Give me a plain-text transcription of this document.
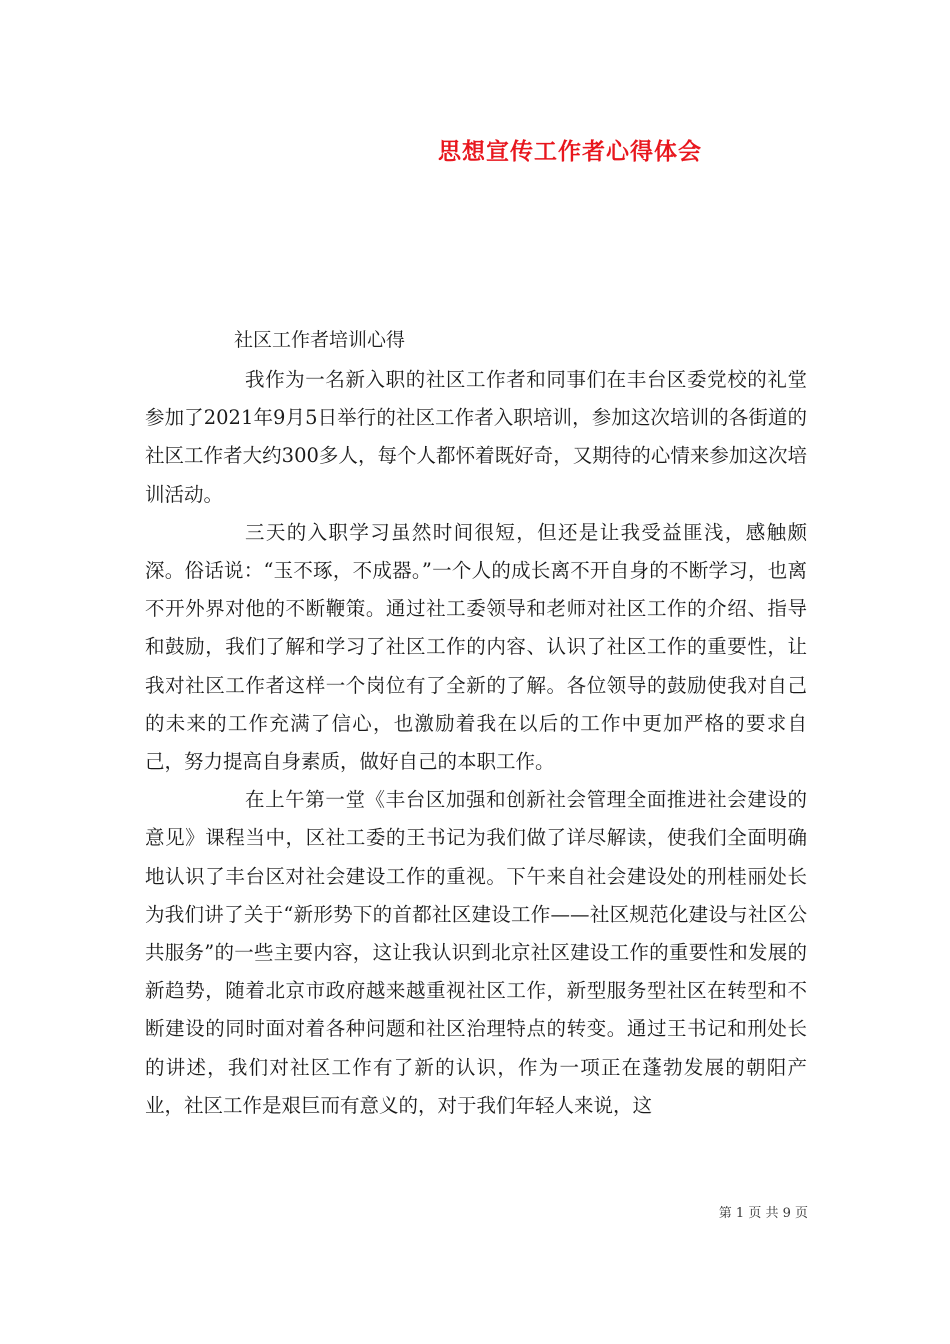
思想宣传工作者心得体会
社区工作者培训心得

我作为一名新入职的社区工作者和同事们在丰台区委党校的礼堂参加了2021年9月5日举行的社区工作者入职培训，参加这次培训的各街道的社区工作者大约300多人，每个人都怀着既好奇，又期待的心情来参加这次培训活动。

三天的入职学习虽然时间很短，但还是让我受益匪浅，感触颇深。俗话说：“玉不琢，不成器。”一个人的成长离不开自身的不断学习，也离不开外界对他的不断鞭策。通过社工委领导和老师对社区工作的介绍、指导和鼓励，我们了解和学习了社区工作的内容、认识了社区工作的重要性，让我对社区工作者这样一个岗位有了全新的了解。各位领导的鼓励使我对自己的未来的工作充满了信心，也激励着我在以后的工作中更加严格的要求自己，努力提高自身素质，做好自己的本职工作。

在上午第一堂《丰台区加强和创新社会管理全面推进社会建设的意见》课程当中，区社工委的王书记为我们做了详尽解读，使我们全面明确地认识了丰台区对社会建设工作的重视。下午来自社会建设处的刑桂丽处长为我们讲了关于“新形势下的首都社区建设工作——社区规范化建设与社区公共服务”的一些主要内容，这让我认识到北京社区建设工作的重要性和发展的新趋势，随着北京市政府越来越重视社区工作，新型服务型社区在转型和不断建设的同时面对着各种问题和社区治理特点的转变。通过王书记和刑处长的讲述，我们对社区工作有了新的认识，作为一项正在蓬勃发展的朝阳产业，社区工作是艰巨而有意义的，对于我们年轻人来说，这

第 1 页 共 9 页
